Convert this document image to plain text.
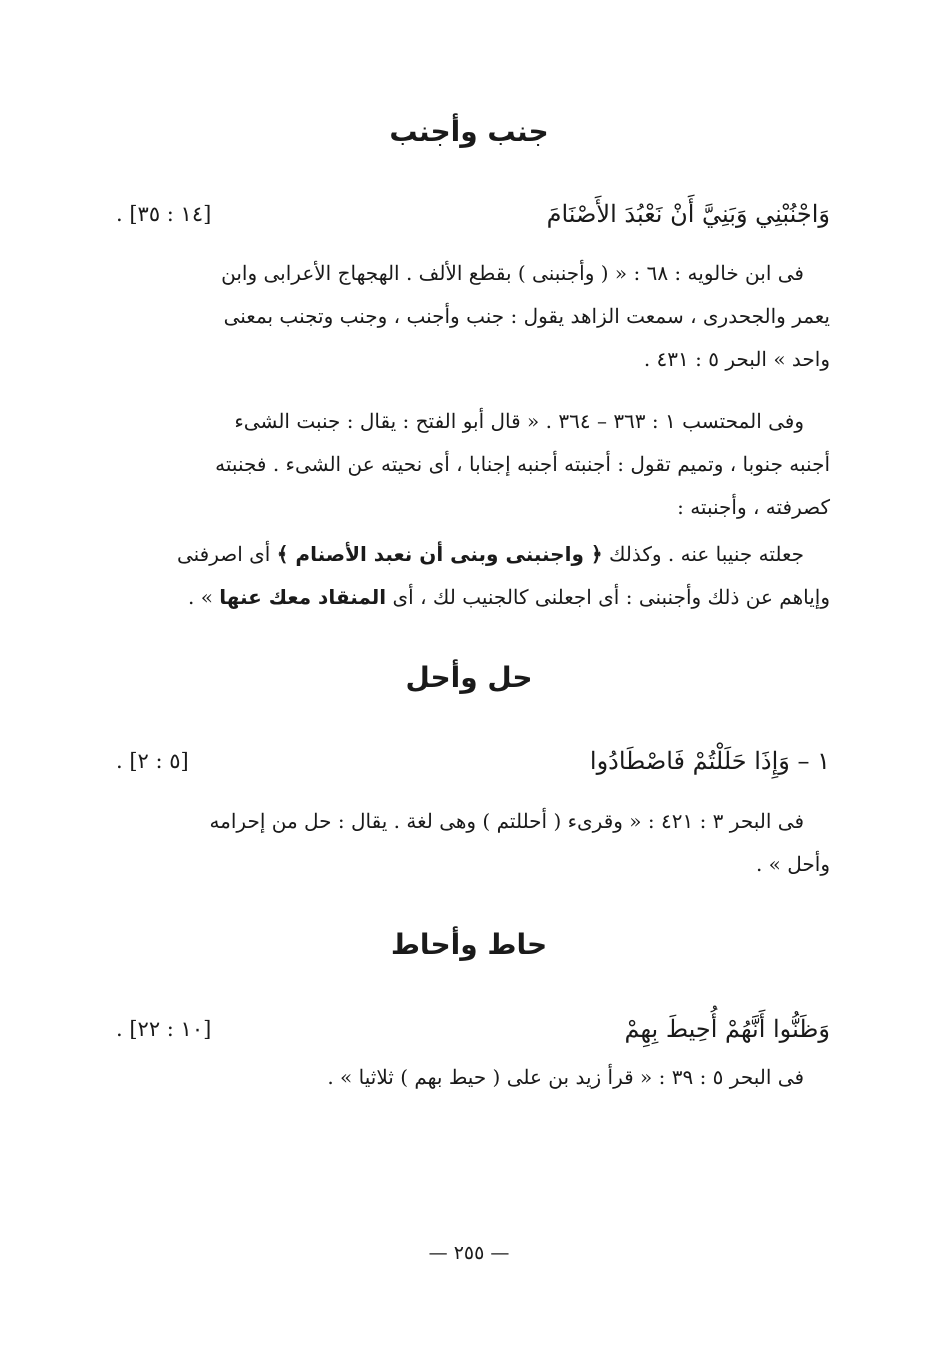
جنب وأجنب
وَاجْنُبْنِي وَبَنِيَّ أَنْ نَعْبُدَ الأَصْنَامَ
[١٤ : ٣٥] .

فى ابن خالويه : ٦٨ : « ( وأجنبنى ) بقطع الألف . الهجهاج الأعرابى وابن

يعمر والجحدرى ، سمعت الزاهد يقول : جنب وأجنب ، وجنب وتجنب بمعنى

واحد » البحر ٥ : ٤٣١ .

وفى المحتسب ١ : ٣٦٣ – ٣٦٤ . « قال أبو الفتح : يقال : جنبت الشىء

أجنبه جنوبا ، وتميم تقول : أجنبته أجنبه إجنابا ، أى نحيته عن الشىء . فجنبته

كصرفته ، وأجنبته :

جعلته جنيبا عنه . وكذلك ﴿ واجنبنى وبنى أن نعبد الأصنام ﴾ أى اصرفنى

وإياهم عن ذلك وأجنبنى : أى اجعلنى كالجنيب لك ، أى المنقاد معك عنها » .

حل وأحل
١ – وَإِذَا حَلَلْتُمْ فَاصْطَادُوا
[٥ : ٢] .

فى البحر ٣ : ٤٢١ : « وقرىء ( أحللتم ) وهى لغة . يقال : حل من إحرامه

وأحل » .

حاط وأحاط
وَظَنُّوا أَنَّهُمْ أُحِيطَ بِهِمْ
[١٠ : ٢٢] .

فى البحر ٥ : ٣٩ : « قرأ زيد بن على ( حيط بهم ) ثلاثيا » .

— ٢٥٥ —
